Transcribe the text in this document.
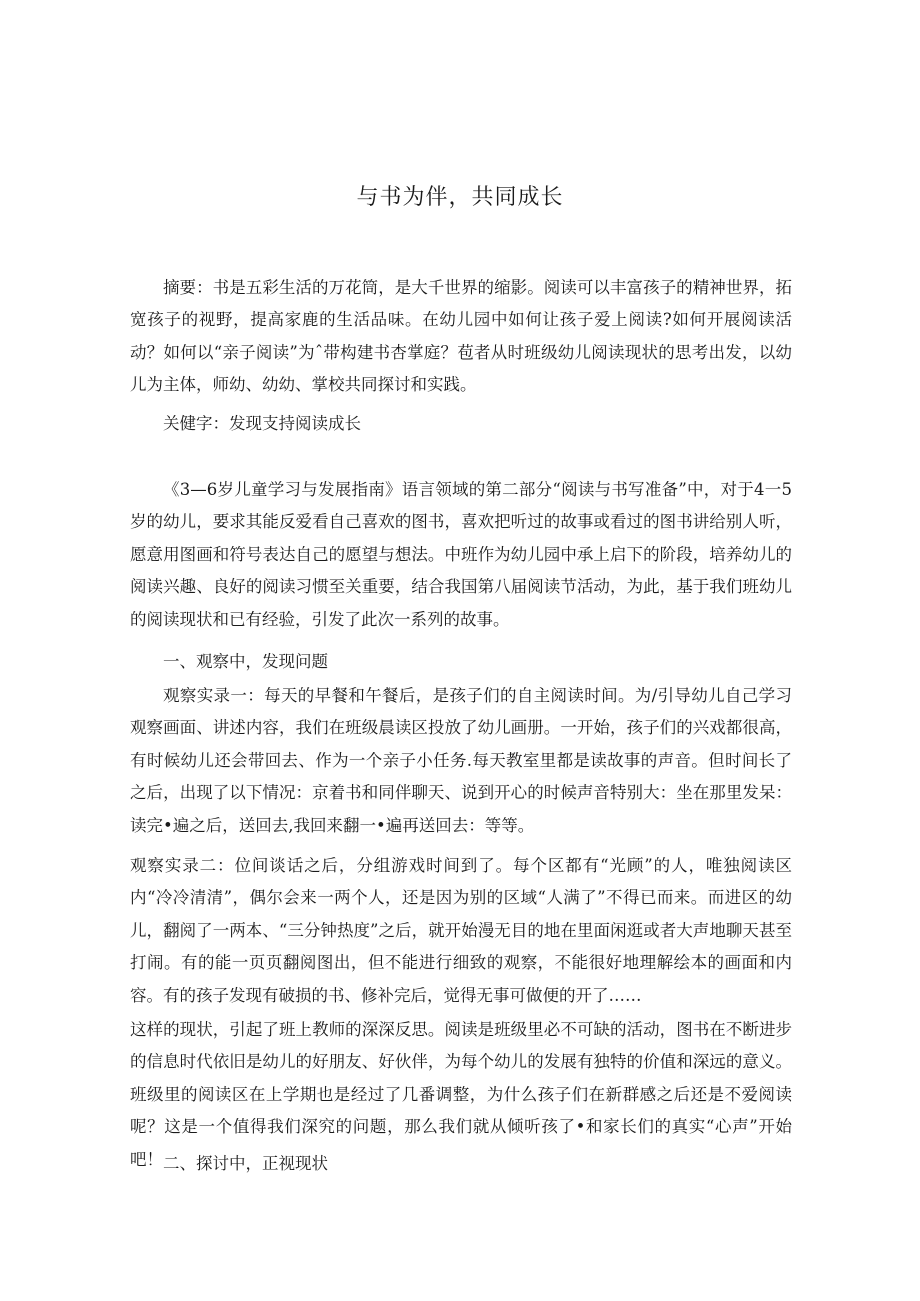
与书为伴，共同成长
摘要：书是五彩生活的万花筒，是大千世界的缩影。阅读可以丰富孩子的精神世界，拓宽孩子的视野，提高家鹿的生活品味。在幼儿园中如何让孩子爱上阅读?如何开展阅读活动？如何以“亲子阅读”为ˆ带构建书杏掌庭？苞者从时班级幼儿阅读现状的思考出发，以幼儿为主体，师幼、幼幼、掌校共同探讨和实践。
关健字：发现支持阅读成长
《3—6岁儿童学习与发展指南》语言领域的第二部分“阅读与书写准备”中，对于4一5岁的幼儿，要求其能反爱看自己喜欢的图书，喜欢把听过的故事或看过的图书讲给别人听，愿意用图画和符号表达自己的愿望与想法。中班作为幼儿园中承上启下的阶段，培养幼儿的阅读兴趣、良好的阅读习惯至关重要，结合我国第八届阅读节活动，为此，基于我们班幼儿的阅读现状和已有经验，引发了此次一系列的故事。
一、观察中，发现问题
观察实录一：每天的早餐和午餐后，是孩子们的自主阅读时间。为/引导幼儿自己学习观察画面、讲述内容，我们在班级晨读区投放了幼儿画册。一开始，孩子们的兴戏都很高，有时候幼儿还会带回去、作为一个亲子小任务.每天教室里都是读故事的声音。但时间长了之后，出现了以下情况：京着书和同伴聊天、说到开心的时候声音特别大：坐在那里发呆：读完•遍之后，送回去,我回来翻一•遍再送回去：等等。
观察实录二：位间谈话之后，分组游戏时间到了。每个区都有“光顾”的人，唯独阅读区内“冷冷清清”，偶尔会来一两个人，还是因为别的区域“人满了”不得已而来。而进区的幼儿，翻阅了一两本、“三分钟热度”之后，就开始漫无目的地在里面闲逛或者大声地聊天甚至打闹。有的能一页页翻阅图出，但不能进行细致的观察，不能很好地理解绘本的画面和内容。有的孩子发现有破损的书、修补完后，觉得无事可做便的开了……
这样的现状，引起了班上教师的深深反思。阅读是班级里必不可缺的活动，图书在不断进步的信息时代依旧是幼儿的好朋友、好伙伴，为每个幼儿的发展有独特的价值和深远的意义。班级里的阅读区在上学期也是经过了几番调整，为什么孩子们在新群感之后还是不爱阅读呢？这是一个值得我们深究的问题，那么我们就从倾听孩了•和家长们的真实“心声”开始吧！ 二、探讨中，正视现状
